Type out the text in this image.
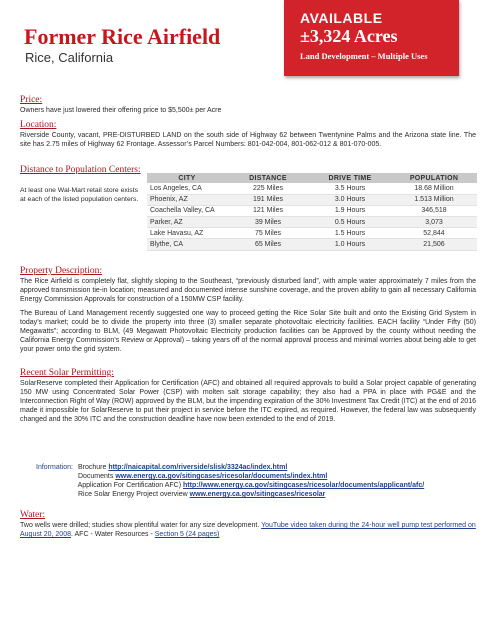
Former Rice Airfield
Rice, California
AVAILABLE
±3,324 Acres
Land Development – Multiple Uses
Price:
Owners have just lowered their offering price to $5,500± per Acre
Location:
Riverside County, vacant, PRE-DISTURBED LAND on the south side of Highway 62 between Twentynine Palms and the Arizona state line. The site has 2.75 miles of Highway 62 Frontage. Assessor’s Parcel Numbers: 801-042-004, 801-062-012 & 801-070-005.
Distance to Population Centers:
At least one Wal-Mart retail store exists at each of the listed population centers.
CITY	DISTANCE	DRIVE TIME	POPULATION
Los Angeles, CA	225 Miles	3.5 Hours	18.68 Million
Phoenix, AZ	191 Miles	3.0 Hours	1.513 Million
Coachella Valley, CA	121 Miles	1.9 Hours	346,518
Parker, AZ	39 Miles	0.5 Hours	3,073
Lake Havasu, AZ	75 Miles	1.5 Hours	52,844
Blythe, CA	65 Miles	1.0 Hours	21,506
Property Description:
The Rice Airfield is completely flat, slightly sloping to the Southeast, “previously disturbed land”, with ample water approximately 7 miles from the approved transmission tie-in location; measured and documented intense sunshine coverage, and the proven ability to gain all necessary California Energy Commission Approvals for construction of a 150MW CSP facility.
The Bureau of Land Management recently suggested one way to proceed getting the Rice Solar Site built and onto the Existing Grid System in today’s market; could be to divide the property into three (3) smaller separate photovoltaic electricity facilities. EACH facility “Under Fifty (50) Megawatts”; according to BLM, (49 Megawatt Photovoltaic Electricity production facilities can be Approved by the county without needing the California Energy Commission’s Review or Approval) – taking years off of the normal approval process and minimal worries about being able to get your power onto the grid system.
Recent Solar Permitting:
SolarReserve completed their Application for Certification (AFC) and obtained all required approvals to build a Solar project capable of generating 150 MW using Concentrated Solar Power (CSP) with molten salt storage capability; they also had a PPA in place with PG&E and the Interconnection Right of Way (ROW) approved by the BLM, but the impending expiration of the 30% Investment Tax Credit (ITC) at the end of 2016 made it impossible for SolarReserve to put their project in service before the ITC expired, as required. However, the federal law was subsequently changed and the 30% ITC and the construction deadline have now been extended to the end of 2019.
Information: Brochure http://naicapital.com/riverside/slisk/3324ac/index.html
Documents www.energy.ca.gov/sitingcases/ricesolar/documents/index.html
Application For Certification AFC) http://www.energy.ca.gov/sitingcases/ricesolar/documents/applicant/afc/
Rice Solar Energy Project overview www.energy.ca.gov/sitingcases/ricesolar
Water:
Two wells were drilled; studies show plentiful water for any size development. YouTube video taken during the 24-hour well pump test performed on August 20, 2008. AFC - Water Resources - Section 5 (24 pages)
